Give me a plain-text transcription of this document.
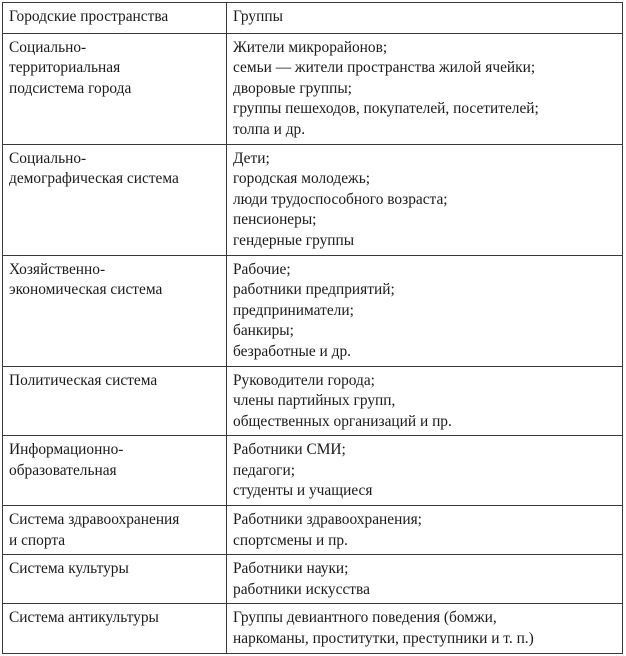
Городские пространства	Группы

Социально-
территориальная
подсистема города	Жители микрорайонов;
семьи — жители пространства жилой ячейки;
дворовые группы;
группы пешеходов, покупателей, посетителей;
толпа и др.

Социально-
демографическая система	Дети;
городская молодежь;
люди трудоспособного возраста;
пенсионеры;
гендерные группы

Хозяйственно-
экономическая система	Рабочие;
работники предприятий;
предприниматели;
банкиры;
безработные и др.

Политическая система	Руководители города;
члены партийных групп,
общественных организаций и пр.

Информационно-
образовательная	Работники СМИ;
педагоги;
студенты и учащиеся

Система здравоохранения
и спорта	Работники здравоохранения;
спортсмены и пр.

Система культуры	Работники науки;
работники искусства

Система антикультуры	Группы девиантного поведения (бомжи,
наркоманы, проститутки, преступники и т. п.)
